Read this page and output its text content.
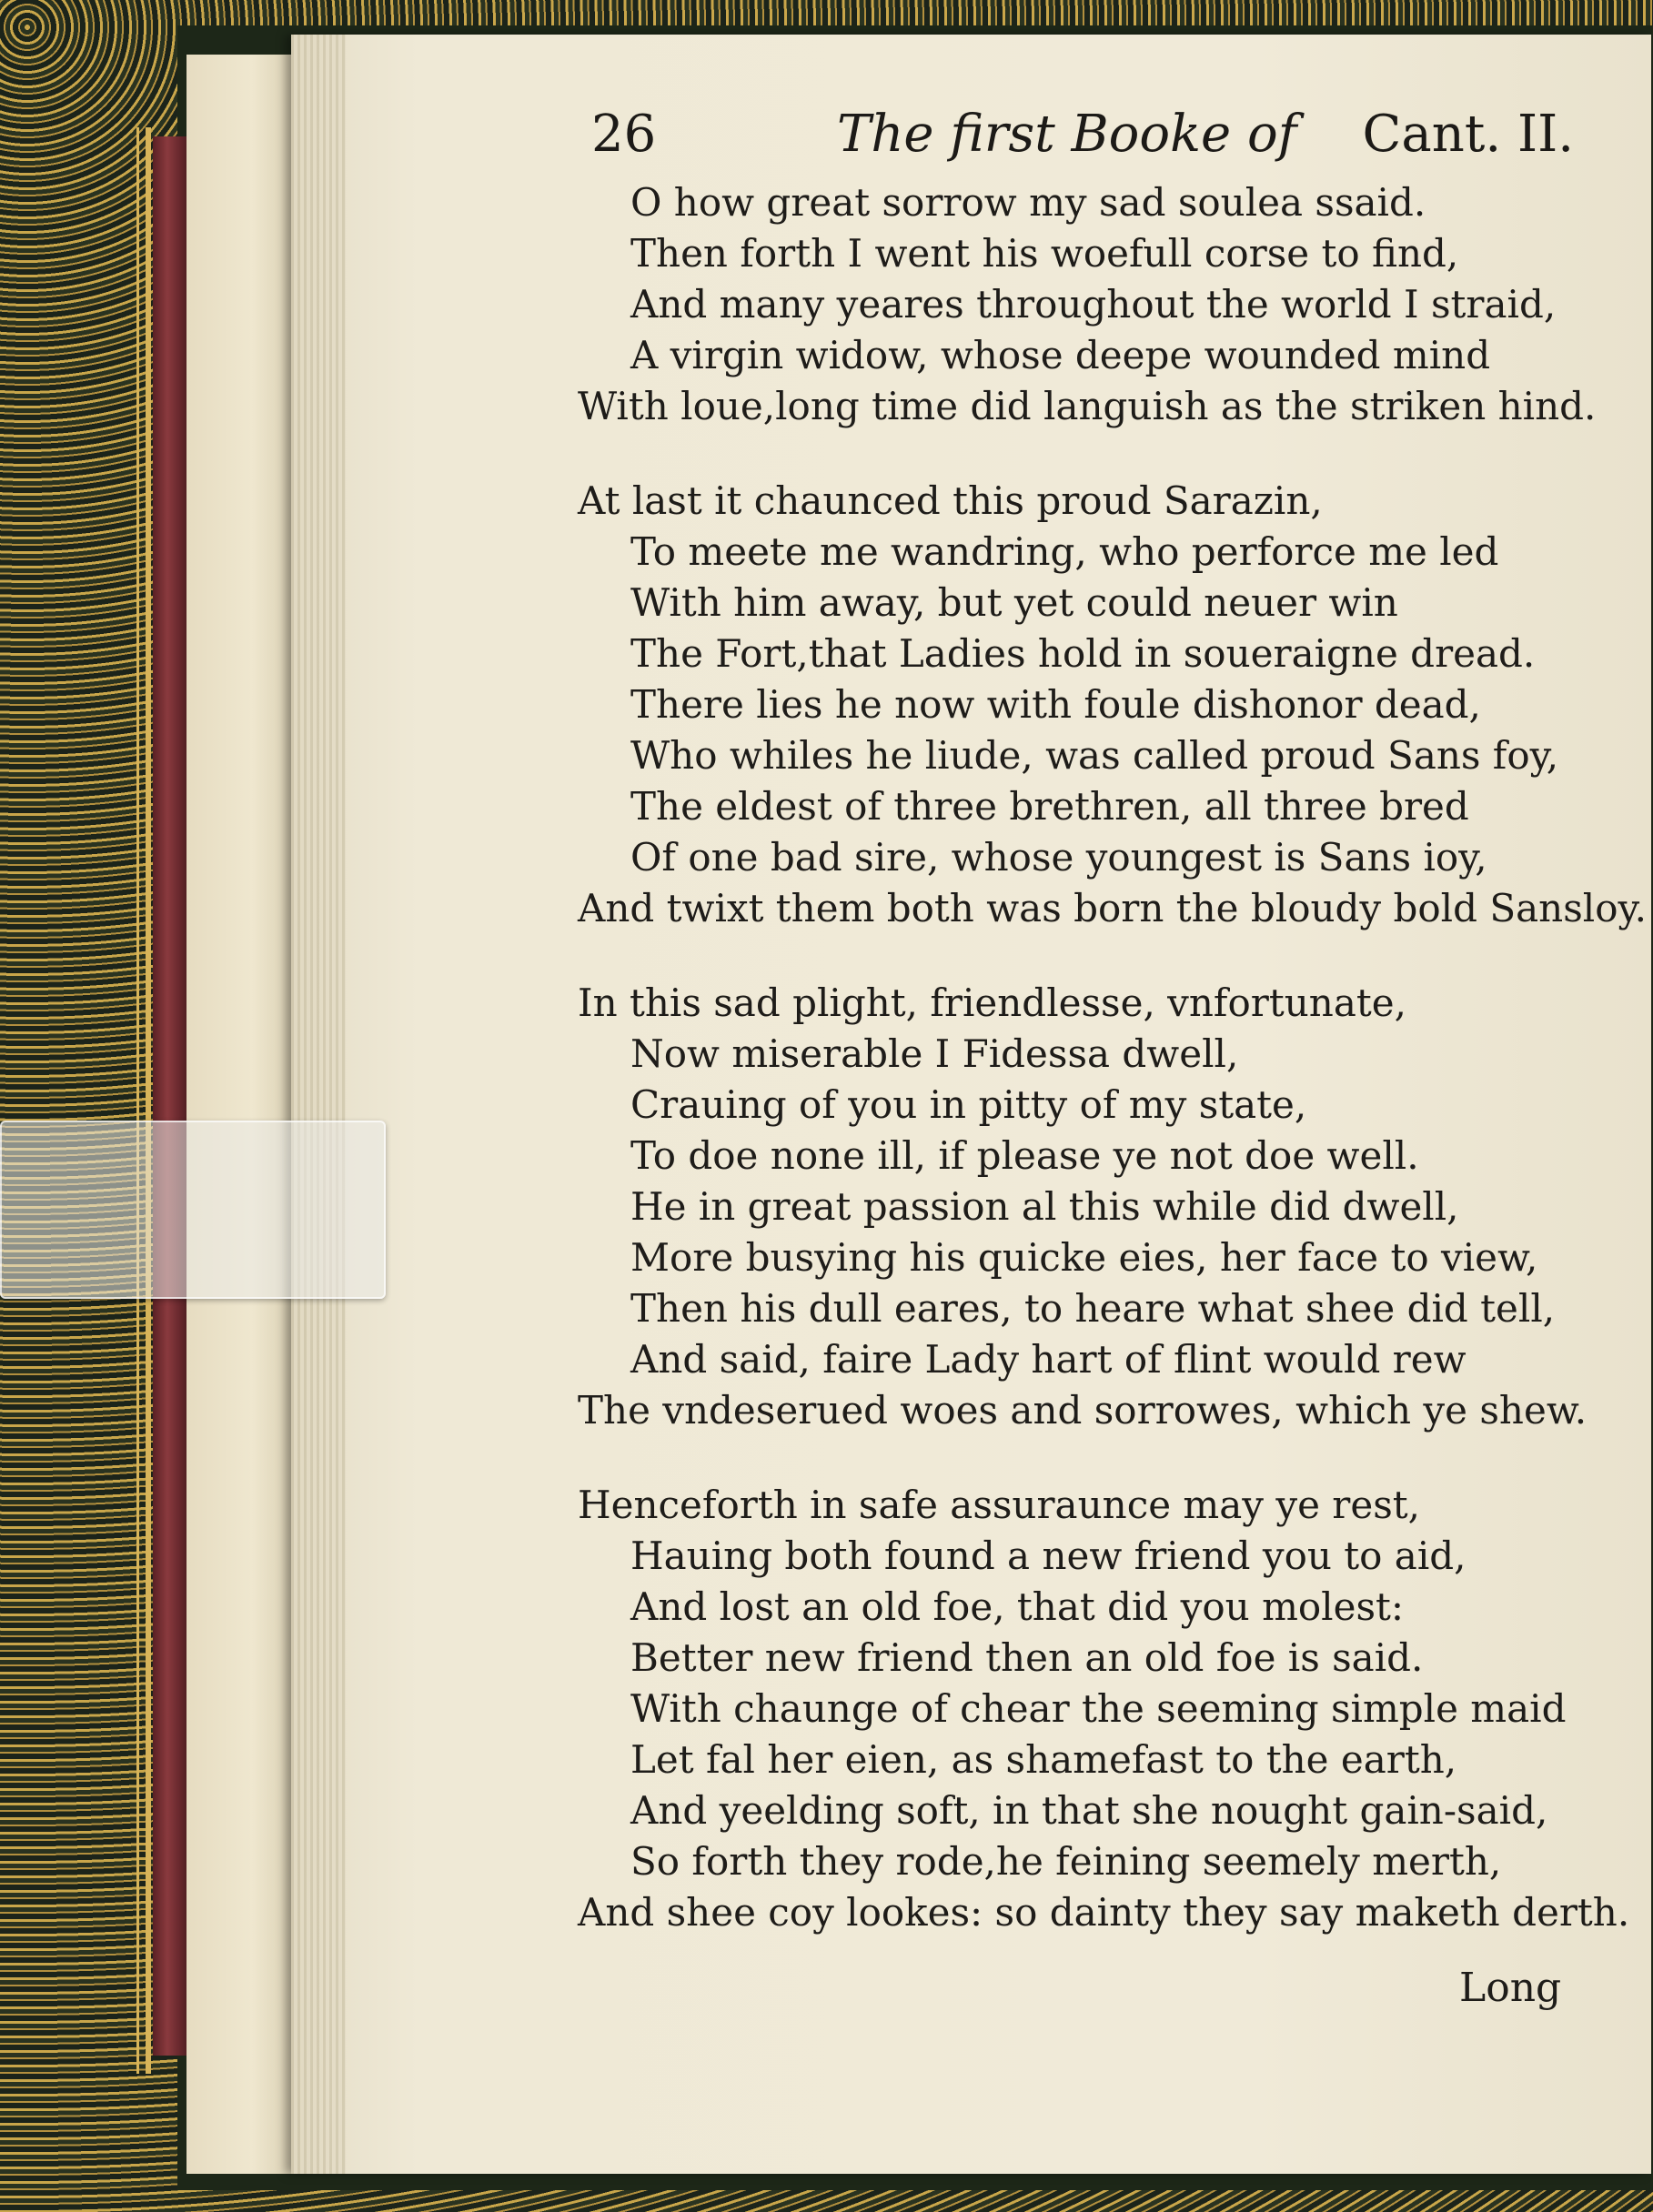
26	The first Booke of Cant. II.
O how great sorrow my sad soulea ssaid.
Then forth I went his woefull corse to find,
And many yeares throughout the world I straid,
A virgin widow, whose deepe wounded mind
With loue,long time did languish as the striken hind.
At last it chaunced this proud Sarazin,
To meete me wandring, who perforce me led
With him away, but yet could neuer win
The Fort,that Ladies hold in soueraigne dread.
There lies he now with foule dishonor dead,
Who whiles he liude, was called proud Sans foy,
The eldest of three brethren, all three bred
Of one bad sire, whose youngest is Sans ioy,
And twixt them both was born the bloudy bold Sansloy.
In this sad plight, friendlesse, vnfortunate,
Now miserable I Fidessa dwell,
Crauing of you in pitty of my state,
To doe none ill, if please ye not doe well.
He in great passion al this while did dwell,
More busying his quicke eies, her face to view,
Then his dull eares, to heare what shee did tell,
And said, faire Lady hart of flint would rew
The vndeserued woes and sorrowes, which ye shew.
Henceforth in safe assuraunce may ye rest,
Hauing both found a new friend you to aid,
And lost an old foe, that did you molest:
Better new friend then an old foe is said.
With chaunge of chear the seeming simple maid
Let fal her eien, as shamefast to the earth,
And yeelding soft, in that she nought gain-said,
So forth they rode,he feining seemely merth,
And shee coy lookes: so dainty they say maketh derth.
Long
